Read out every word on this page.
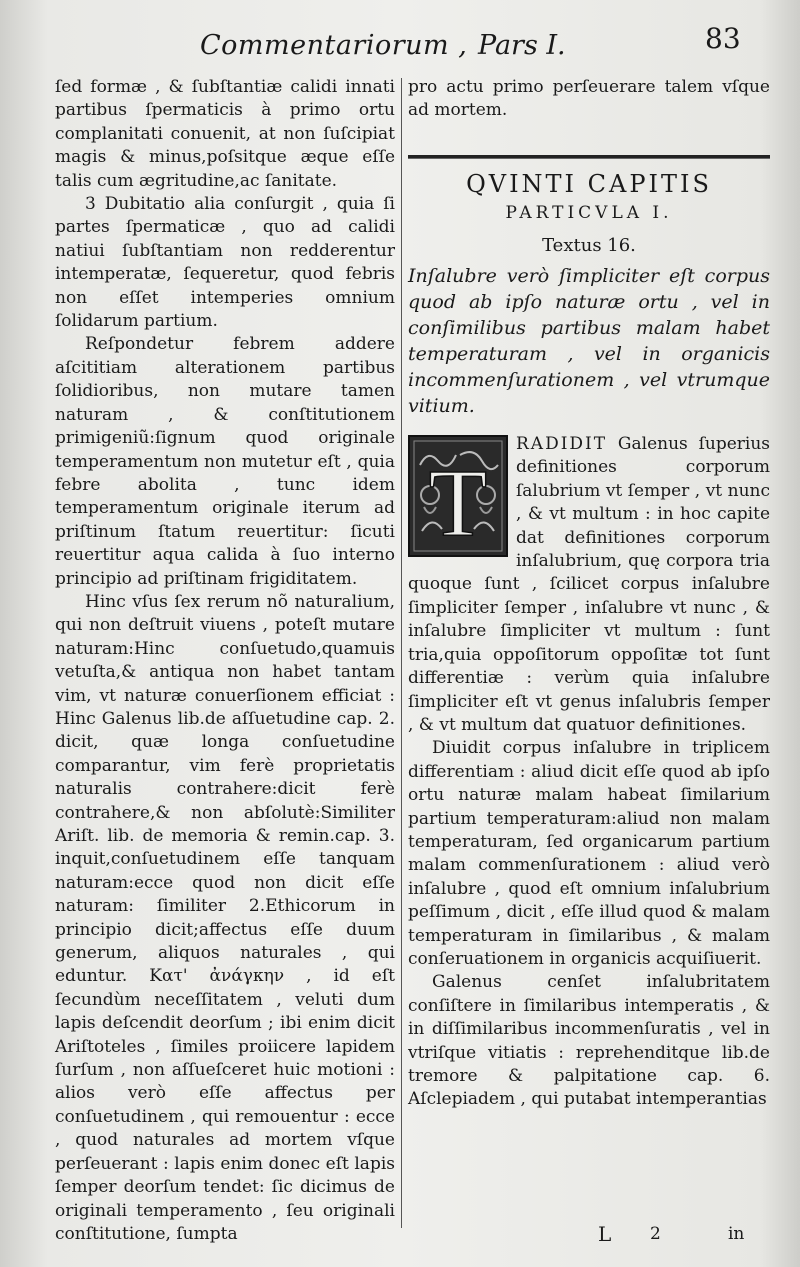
Commentariorum , Pars I.	83

ſed formæ , & ſubſtantiæ calidi innati partibus ſpermaticis à primo ortu complanitati conuenit, at non ſuſcipiat magis & minus,poſsitque æque eſſe talis cum ægritudine,ac ſanitate.

3 Dubitatio alia conſurgit , quia ſi partes ſpermaticæ , quo ad calidi natiui ſubſtantiam non redderentur intemperatæ, ſequeretur, quod febris non eſſet intemperies omnium ſolidarum partium.

Reſpondetur febrem addere aſcititiam alterationem partibus ſolidioribus, non mutare tamen naturam , & conſtitutionem primigeniũ:ſignum quod originale temperamentum non mutetur eſt , quia febre abolita , tunc idem temperamentum originale iterum ad priſtinum ſtatum reuertitur: ſicuti reuertitur aqua calida à ſuo interno principio ad priſtinam frigiditatem.

Hinc vſus ſex rerum nõ naturalium, qui non deſtruit viuens , poteſt mutare naturam:Hinc conſuetudo,quamuis vetuſta,& antiqua non habet tantam vim, vt naturæ conuerſionem efficiat : Hinc Galenus lib.de aſſuetudine cap. 2. dicit, quæ longa conſuetudine comparantur, vim ferè proprietatis naturalis contrahere:dicit ferè contrahere,& non abſolutè:Similiter Ariſt. lib. de memoria & remin.cap. 3. inquit,conſuetudinem eſſe tanquam naturam:ecce quod non dicit eſſe naturam: ſimiliter 2.Ethicorum in principio dicit;affectus eſſe duum generum, aliquos naturales , qui eduntur. Κατ' ἀνάγκην , id eſt ſecundùm neceſſitatem , veluti dum lapis deſcendit deorſum ; ibi enim dicit Ariſtoteles , ſimiles proiicere lapidem ſurſum , non aſſueſceret huic motioni : alios verò eſſe affectus per conſuetudinem , qui remouentur : ecce , quod naturales ad mortem vſque perſeuerant : lapis enim donec eſt lapis ſemper deorſum tendet: ſic dicimus de originali temperamento , ſeu originali conſtitutione, ſumpta

pro actu primo perſeuerare talem vſque ad mortem.

QVINTI CAPITIS
PARTICVLA I.
Textus 16.

Inſalubre verò ſimpliciter eſt corpus quod ab ipſo naturæ ortu , vel in conſimilibus partibus malam habet temperaturam , vel in organicis incommenſurationem , vel vtrumque vitium.

T

RADIDIT Galenus ſuperius definitiones corporum ſalubrium vt ſemper , vt nunc , & vt multum : in hoc capite dat definitiones corporum inſalubrium, quę corpora tria quoque ſunt , ſcilicet corpus inſalubre ſimpliciter ſemper , inſalubre vt nunc , & inſalubre ſimpliciter vt multum : ſunt tria,quia oppoſitorum oppoſitæ tot ſunt differentiæ : verùm quia inſalubre ſimpliciter eſt vt genus inſalubris ſemper , & vt multum dat quatuor definitiones.

Diuidit corpus inſalubre in triplicem differentiam : aliud dicit eſſe quod ab ipſo ortu naturæ malam habeat ſimilarium partium temperaturam:aliud non malam temperaturam, ſed organicarum partium malam commenſurationem : aliud verò inſalubre , quod eſt omnium inſalubrium peſſimum , dicit , eſſe illud quod & malam temperaturam in ſimilaribus , & malam conſeruationem in organicis acquiſiuerit.

Galenus cenſet inſalubritatem conſiſtere in ſimilaribus intemperatis , & in diſſimilaribus incommenſuratis , vel in vtriſque vitiatis : reprehenditque lib.de tremore & palpitatione cap. 6. Aſclepiadem , qui putabat intemperantias

L 2	in
